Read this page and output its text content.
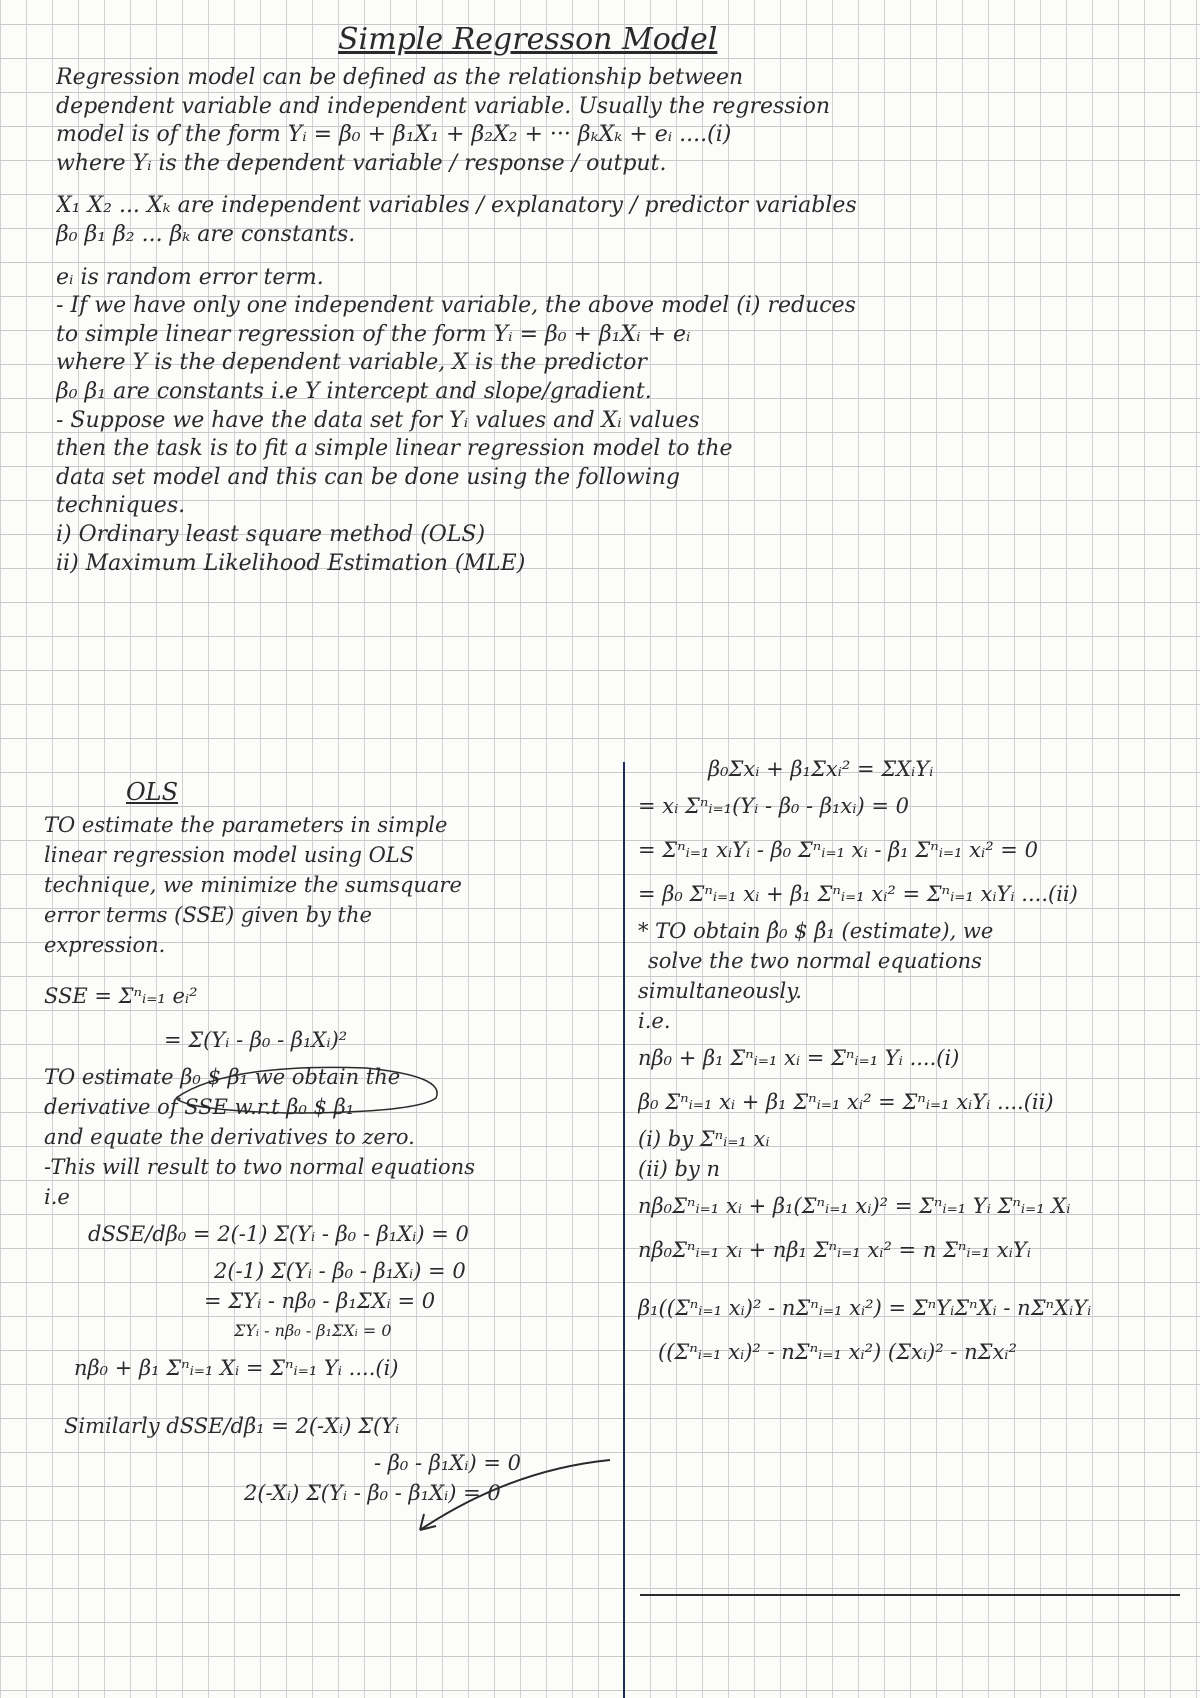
Simple Regresson Model
Regression model can be defined as the relationship between
dependent variable and independent variable. Usually the regression
model is of the form Yᵢ = β₀ + β₁X₁ + β₂X₂ + ··· βₖXₖ + eᵢ ....(i)
where Yᵢ is the dependent variable / response / output.
X₁ X₂ ... Xₖ are independent variables / explanatory / predictor variables
β₀ β₁ β₂ ... βₖ are constants.
eᵢ is random error term.
- If we have only one independent variable, the above model (i) reduces
to simple linear regression of the form Yᵢ = β₀ + β₁Xᵢ + eᵢ
where Y is the dependent variable, X is the predictor
β₀ β₁ are constants i.e Y intercept and slope/gradient.
- Suppose we have the data set for Yᵢ values and Xᵢ values
then the task is to fit a simple linear regression model to the
data set model and this can be done using the following
techniques.
i) Ordinary least square method (OLS)
ii) Maximum Likelihood Estimation (MLE)
OLS
TO estimate the parameters in simple
linear regression model using OLS
technique, we minimize the sumsquare
error terms (SSE) given by the
expression.
SSE = Σⁿᵢ₌₁ eᵢ²
= Σ(Yᵢ - β₀ - β₁Xᵢ)²
TO estimate β₀ $ β₁ we obtain the
derivative of SSE w.r.t β₀ $ β₁
and equate the derivatives to zero.
-This will result to two normal equations
i.e
dSSE/dβ₀ = 2(-1) Σ(Yᵢ - β₀ - β₁Xᵢ) = 0
2(-1) Σ(Yᵢ - β₀ - β₁Xᵢ) = 0
= ΣYᵢ - nβ₀ - β₁ΣXᵢ = 0
ΣYᵢ - nβ₀ - β₁ΣXᵢ = 0
nβ₀ + β₁ Σⁿᵢ₌₁ Xᵢ = Σⁿᵢ₌₁ Yᵢ ....(i)
Similarly dSSE/dβ₁ = 2(-Xᵢ) Σ(Yᵢ
- β₀ - β₁Xᵢ) = 0
2(-Xᵢ) Σ(Yᵢ - β₀ - β₁Xᵢ) = 0
β₀Σxᵢ + β₁Σxᵢ² = ΣXᵢYᵢ
= xᵢ Σⁿᵢ₌₁(Yᵢ - β₀ - β₁xᵢ) = 0
= Σⁿᵢ₌₁ xᵢYᵢ - β₀ Σⁿᵢ₌₁ xᵢ - β₁ Σⁿᵢ₌₁ xᵢ² = 0
= β₀ Σⁿᵢ₌₁ xᵢ + β₁ Σⁿᵢ₌₁ xᵢ² = Σⁿᵢ₌₁ xᵢYᵢ ....(ii)
* TO obtain β̂₀ $ β̂₁ (estimate), we
solve the two normal equations
simultaneously.
i.e.
nβ₀ + β₁ Σⁿᵢ₌₁ xᵢ = Σⁿᵢ₌₁ Yᵢ ....(i)
β₀ Σⁿᵢ₌₁ xᵢ + β₁ Σⁿᵢ₌₁ xᵢ² = Σⁿᵢ₌₁ xᵢYᵢ ....(ii)
(i) by Σⁿᵢ₌₁ xᵢ
(ii) by n
nβ₀Σⁿᵢ₌₁ xᵢ + β₁(Σⁿᵢ₌₁ xᵢ)² = Σⁿᵢ₌₁ Yᵢ Σⁿᵢ₌₁ Xᵢ
nβ₀Σⁿᵢ₌₁ xᵢ + nβ₁ Σⁿᵢ₌₁ xᵢ² = n Σⁿᵢ₌₁ xᵢYᵢ
β₁((Σⁿᵢ₌₁ xᵢ)² - nΣⁿᵢ₌₁ xᵢ²) = ΣⁿYᵢΣⁿXᵢ - nΣⁿXᵢYᵢ
((Σⁿᵢ₌₁ xᵢ)² - nΣⁿᵢ₌₁ xᵢ²) (Σxᵢ)² - nΣxᵢ²
